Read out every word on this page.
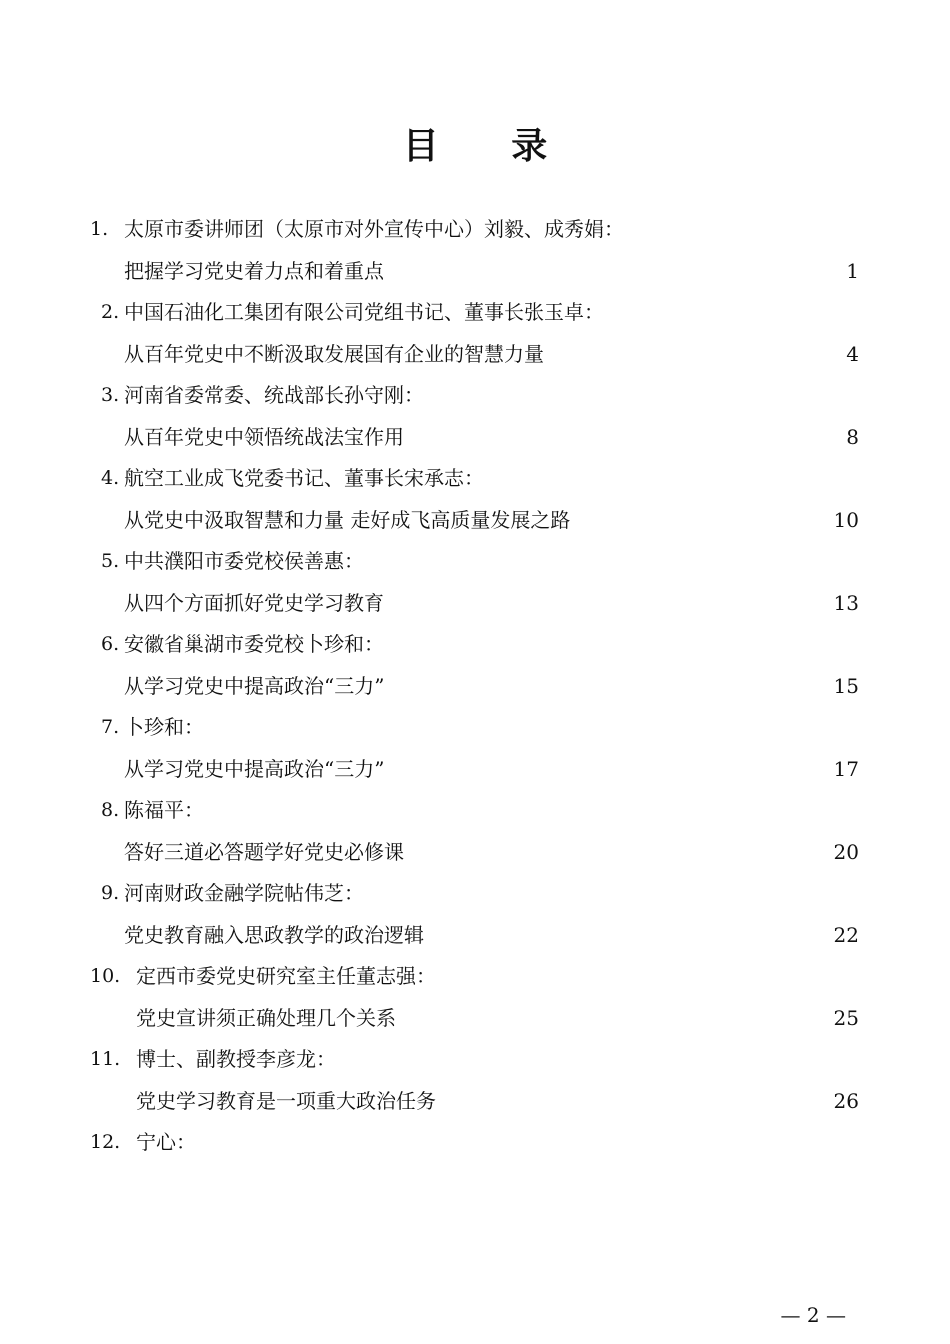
目 录
1. 太原市委讲师团（太原市对外宣传中心）刘毅、成秀娟：
把握学习党史着力点和着重点	1
2. 中国石油化工集团有限公司党组书记、董事长张玉卓：
从百年党史中不断汲取发展国有企业的智慧力量	4
3. 河南省委常委、统战部长孙守刚：
从百年党史中领悟统战法宝作用	8
4. 航空工业成飞党委书记、董事长宋承志：
从党史中汲取智慧和力量 走好成飞高质量发展之路	10
5. 中共濮阳市委党校侯善惠：
从四个方面抓好党史学习教育	13
6. 安徽省巢湖市委党校卜珍和：
从学习党史中提高政治“三力”	15
7. 卜珍和：
从学习党史中提高政治“三力”	17
8. 陈福平：
答好三道必答题学好党史必修课	20
9. 河南财政金融学院帖伟芝：
党史教育融入思政教学的政治逻辑	22
10. 定西市委党史研究室主任董志强：
党史宣讲须正确处理几个关系	25
11. 博士、副教授李彦龙：
党史学习教育是一项重大政治任务	26
12. 宁心：
— 2 —
